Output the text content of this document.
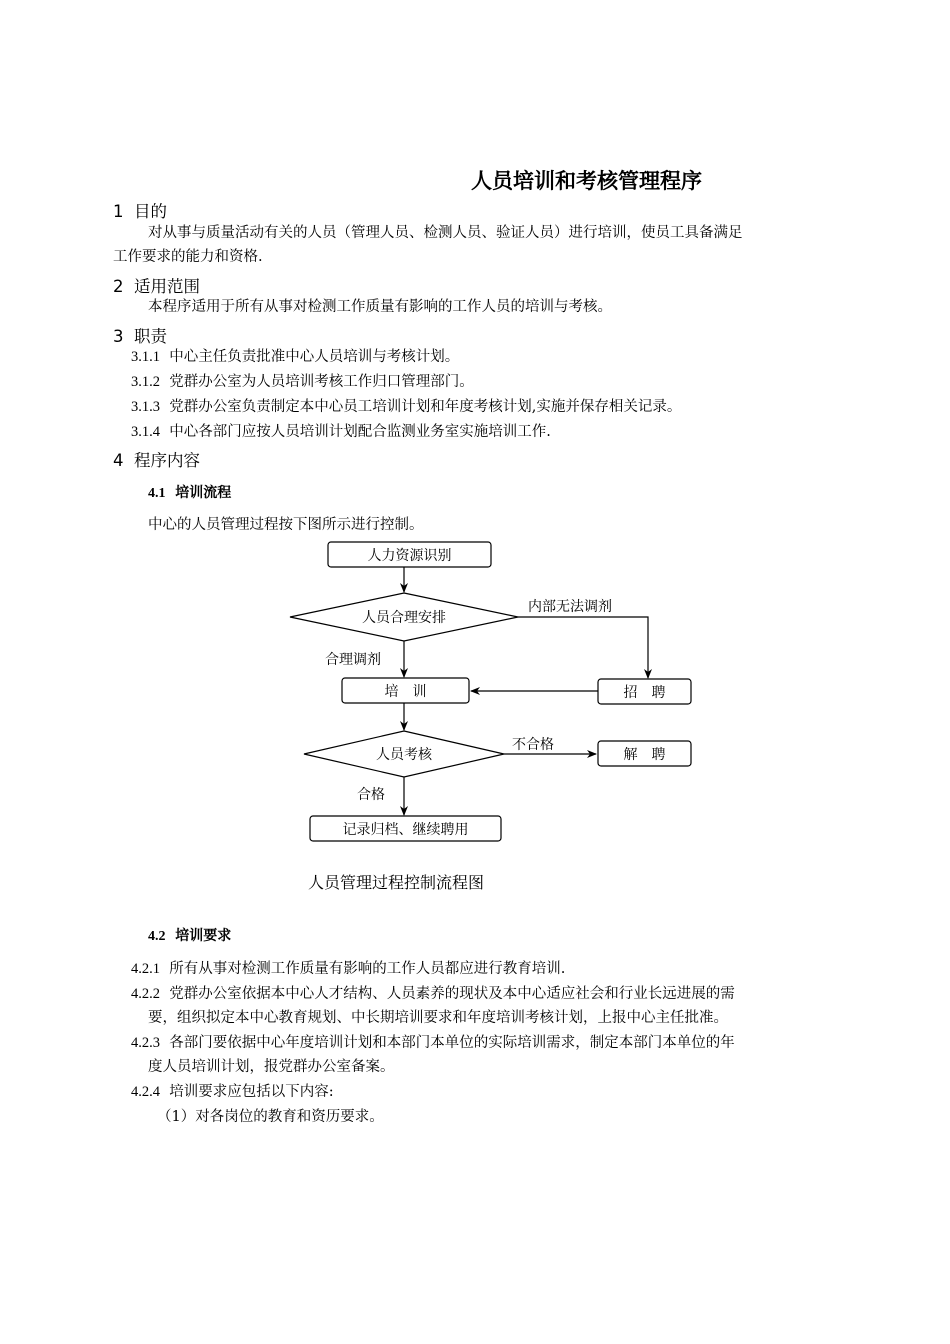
人员培训和考核管理程序
1 目的
对从事与质量活动有关的人员（管理人员、检测人员、验证人员）进行培训，使员工具备满足
工作要求的能力和资格.
2 适用范围
本程序适用于所有从事对检测工作质量有影响的工作人员的培训与考核。
3 职责
3.1.1 中心主任负责批准中心人员培训与考核计划。
3.1.2 党群办公室为人员培训考核工作归口管理部门。
3.1.3 党群办公室负责制定本中心员工培训计划和年度考核计划,实施并保存相关记录。
3.1.4 中心各部门应按人员培训计划配合监测业务室实施培训工作.
4 程序内容
4.1 培训流程
中心的人员管理过程按下图所示进行控制。
人力资源识别
人员合理安排
内部无法调剂
合理调剂
培　训	招　聘
人员考核
不合格
解　聘
合格
记录归档、继续聘用
人员管理过程控制流程图
4.2 培训要求
4.2.1 所有从事对检测工作质量有影响的工作人员都应进行教育培训.
4.2.2 党群办公室依据本中心人才结构、人员素养的现状及本中心适应社会和行业长远进展的需
要，组织拟定本中心教育规划、中长期培训要求和年度培训考核计划，上报中心主任批准。
4.2.3 各部门要依据中心年度培训计划和本部门本单位的实际培训需求，制定本部门本单位的年
度人员培训计划，报党群办公室备案。
4.2.4 培训要求应包括以下内容:
（1）对各岗位的教育和资历要求。
